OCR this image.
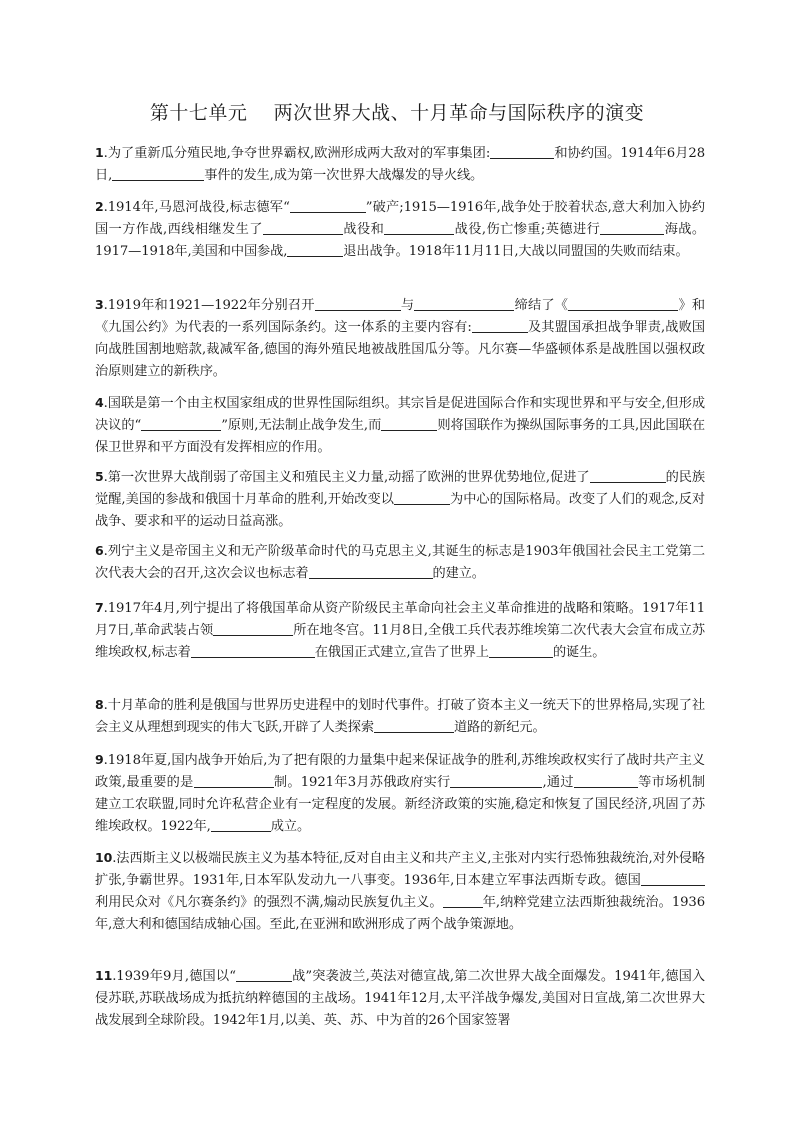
第十七单元    两次世界大战、十月革命与国际秩序的演变
1.为了重新瓜分殖民地,争夺世界霸权,欧洲形成两大敌对的军事集团:	和协约国。1914年6月28日,	事件的发生,成为第一次世界大战爆发的导火线。
2.1914年,马恩河战役,标志德军“	”破产;1915—1916年,战争处于胶着状态,意大利加入协约国一方作战,西线相继发生了	战役和	战役,伤亡惨重;英德进行	海战。1917—1918年,美国和中国参战,	退出战争。1918年11月11日,大战以同盟国的失败而结束。
3.1919年和1921—1922年分别召开	与	缔结了《	》和《九国公约》为代表的一系列国际条约。这一体系的主要内容有:	及其盟国承担战争罪责,战败国向战胜国割地赔款,裁减军备,德国的海外殖民地被战胜国瓜分等。凡尔赛—华盛顿体系是战胜国以强权政治原则建立的新秩序。
4.国联是第一个由主权国家组成的世界性国际组织。其宗旨是促进国际合作和实现世界和平与安全,但形成决议的“	”原则,无法制止战争发生,而	则将国联作为操纵国际事务的工具,因此国联在保卫世界和平方面没有发挥相应的作用。
5.第一次世界大战削弱了帝国主义和殖民主义力量,动摇了欧洲的世界优势地位,促进了	的民族觉醒,美国的参战和俄国十月革命的胜利,开始改变以	为中心的国际格局。改变了人们的观念,反对战争、要求和平的运动日益高涨。
6.列宁主义是帝国主义和无产阶级革命时代的马克思主义,其诞生的标志是1903年俄国社会民主工党第二次代表大会的召开,这次会议也标志着	的建立。
7.1917年4月,列宁提出了将俄国革命从资产阶级民主革命向社会主义革命推进的战略和策略。1917年11月7日,革命武装占领	所在地冬宫。11月8日,全俄工兵代表苏维埃第二次代表大会宣布成立苏维埃政权,标志着	在俄国正式建立,宣告了世界上	的诞生。
8.十月革命的胜利是俄国与世界历史进程中的划时代事件。打破了资本主义一统天下的世界格局,实现了社会主义从理想到现实的伟大飞跃,开辟了人类探索	道路的新纪元。
9.1918年夏,国内战争开始后,为了把有限的力量集中起来保证战争的胜利,苏维埃政权实行了战时共产主义政策,最重要的是	制。1921年3月苏俄政府实行	,通过	等市场机制建立工农联盟,同时允许私营企业有一定程度的发展。新经济政策的实施,稳定和恢复了国民经济,巩固了苏维埃政权。1922年,	成立。
10.法西斯主义以极端民族主义为基本特征,反对自由主义和共产主义,主张对内实行恐怖独裁统治,对外侵略扩张,争霸世界。1931年,日本军队发动九一八事变。1936年,日本建立军事法西斯专政。德国利用民众对《凡尔赛条约》的强烈不满,煽动民族复仇主义。	年,纳粹党建立法西斯独裁统治。1936年,意大利和德国结成轴心国。至此,在亚洲和欧洲形成了两个战争策源地。
11.1939年9月,德国以“	战”突袭波兰,英法对德宣战,第二次世界大战全面爆发。1941年,德国入侵苏联,苏联战场成为抵抗纳粹德国的主战场。1941年12月,太平洋战争爆发,美国对日宣战,第二次世界大战发展到全球阶段。1942年1月,以美、英、苏、中为首的26个国家签署
